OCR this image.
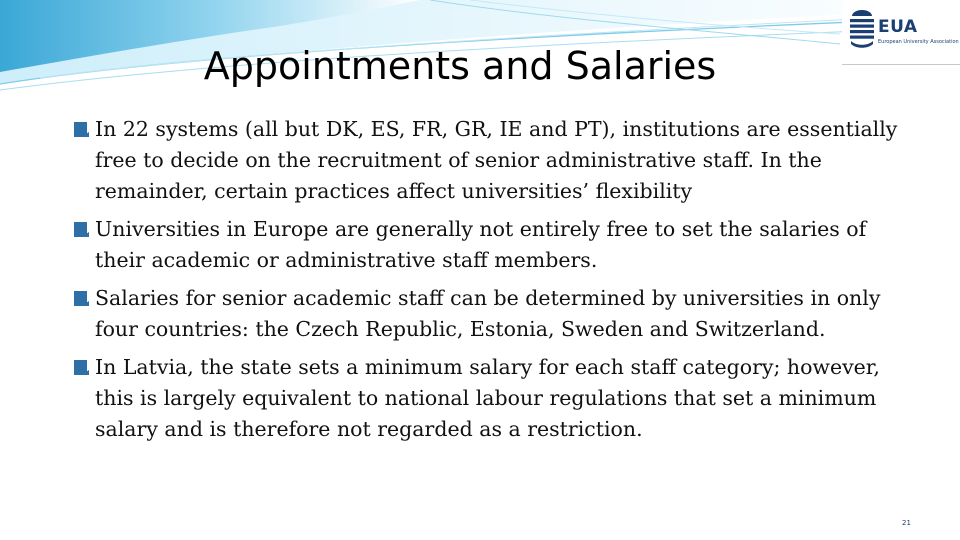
EUA
European University Association
Appointments and Salaries
In 22 systems (all but DK, ES, FR, GR, IE and PT), institutions are essentially free to decide on the recruitment of senior administrative staff. In the remainder, certain practices affect universities’ flexibility
Universities in Europe are generally not entirely free to set the salaries of their academic or administrative staff members.
Salaries for senior academic staff can be determined by universities in only four countries: the Czech Republic, Estonia, Sweden and Switzerland.
In Latvia, the state sets a minimum salary for each staff category; however, this is largely equivalent to national labour regulations that set a minimum salary and is therefore not regarded as a restriction.
21
